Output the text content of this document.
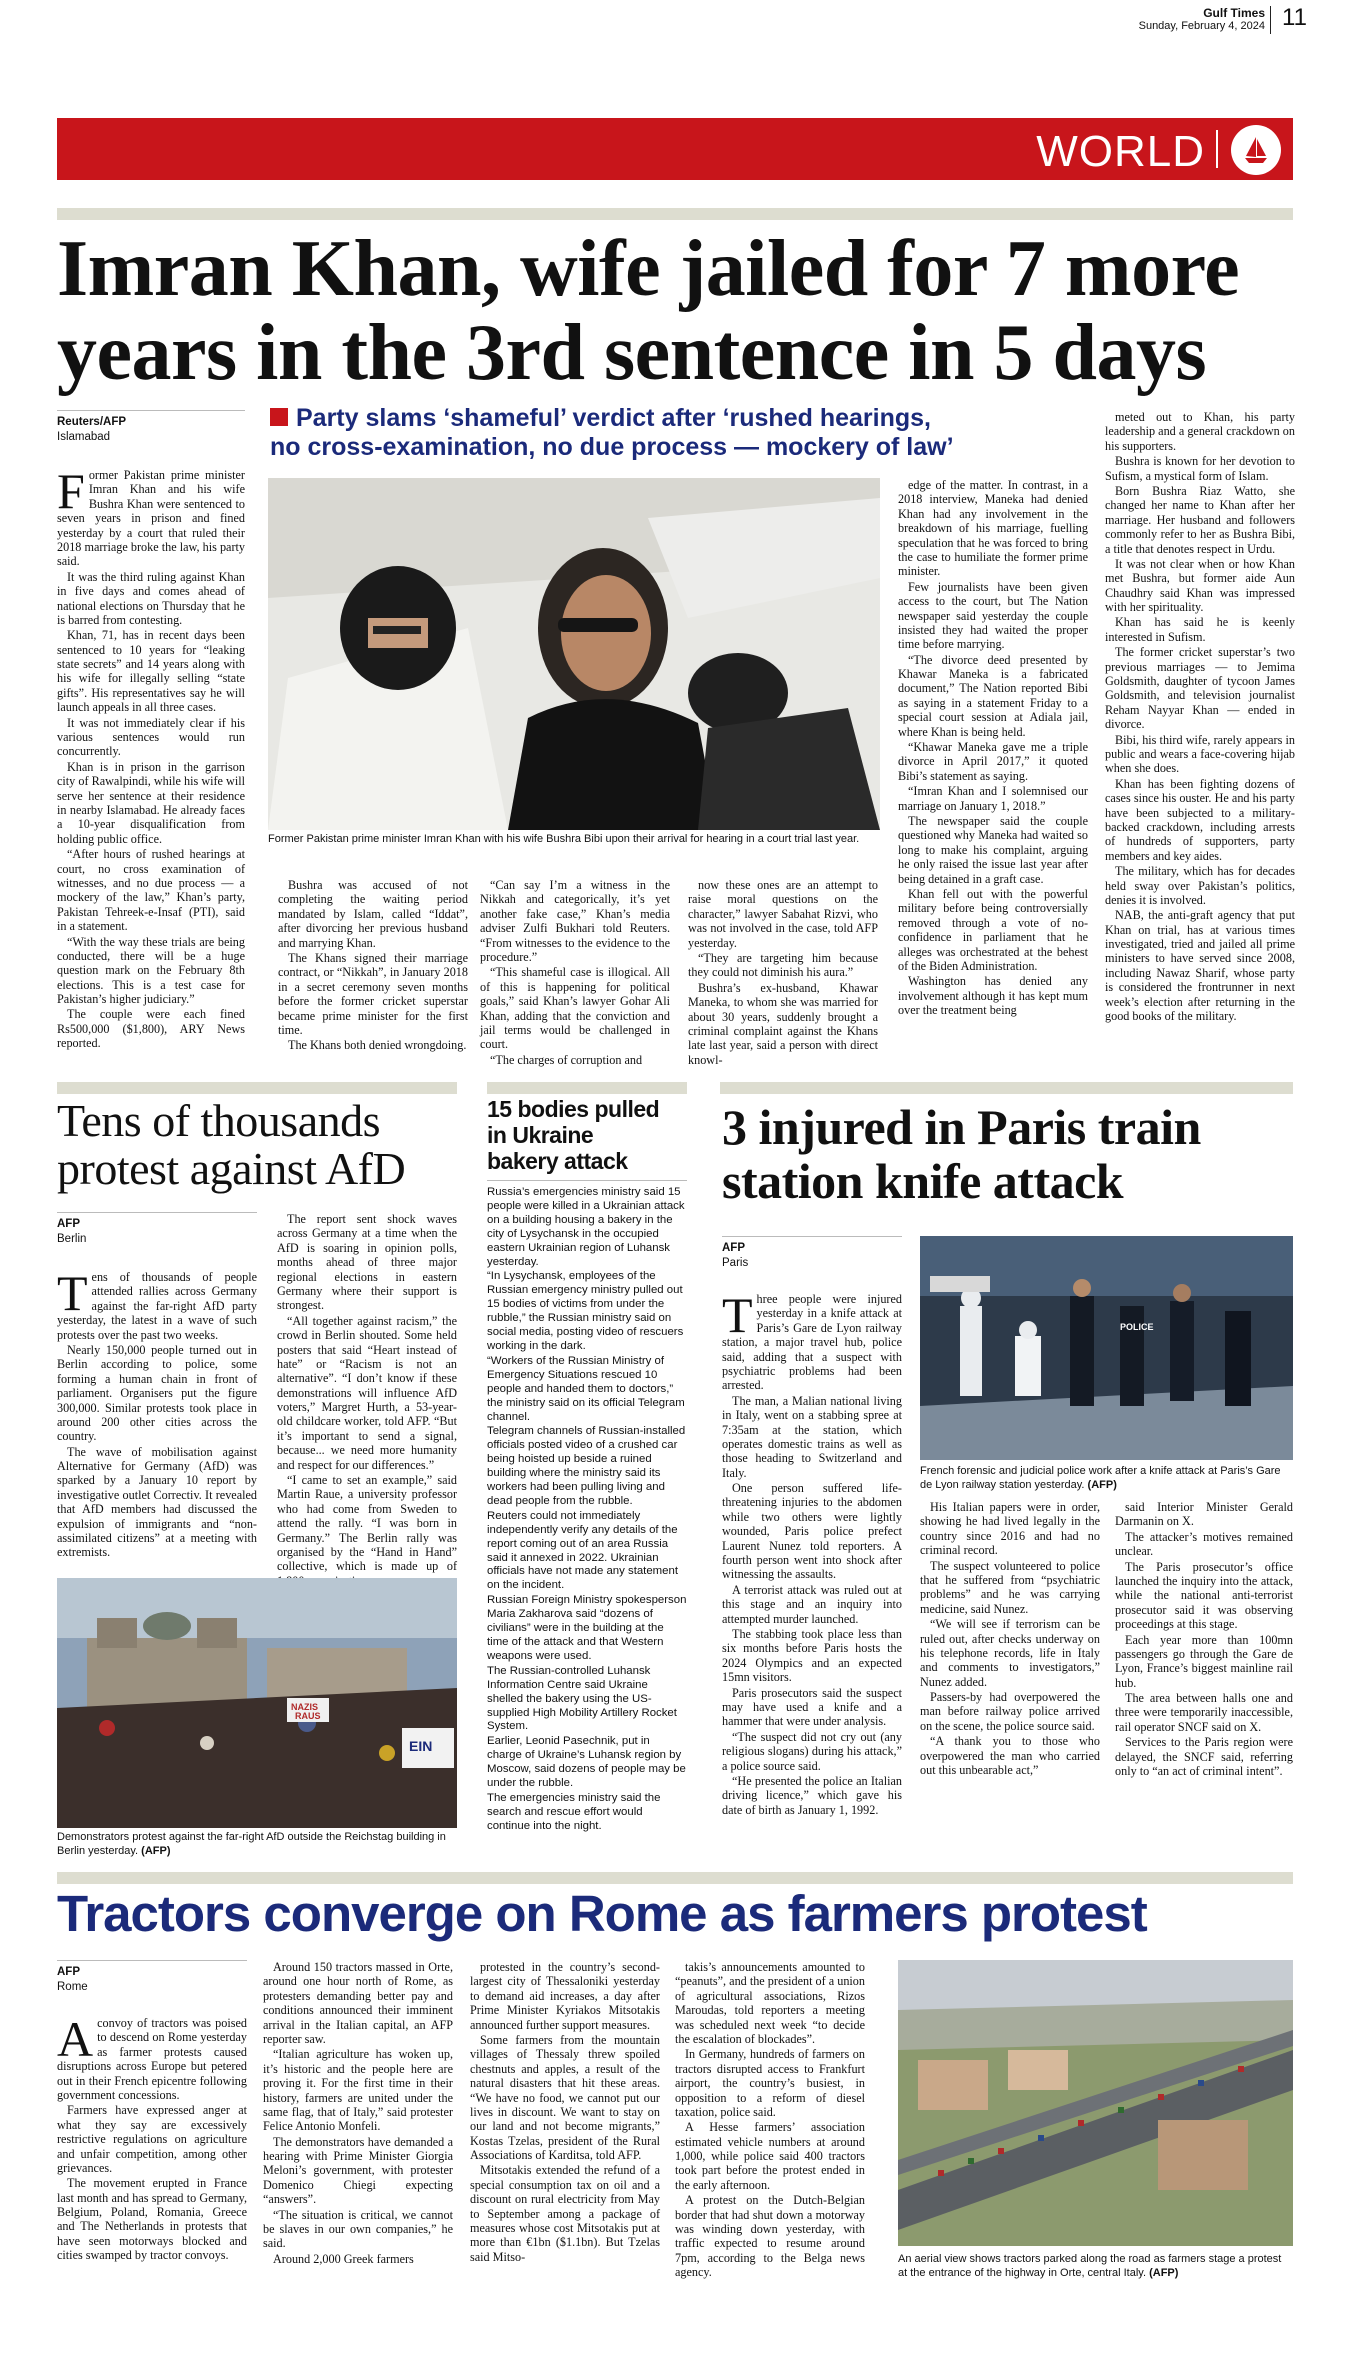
Gulf Times
Sunday, February 4, 2024 11
WORLD
Imran Khan, wife jailed for 7 more
years in the 3rd sentence in 5 days
Reuters/AFP
Islamabad
Party slams ‘shameful’ verdict after ‘rushed hearings,
no cross-examination, no due process — mockery of law’

Former Pakistan prime minister Imran Khan and his wife Bushra Khan were sentenced to seven years in prison and fined yesterday by a court that ruled their 2018 marriage broke the law, his party said.

It was the third ruling against Khan in five days and comes ahead of national elections on Thursday that he is barred from contesting.

Khan, 71, has in recent days been sentenced to 10 years for “leaking state secrets” and 14 years along with his wife for illegally selling “state gifts”. His representatives say he will launch appeals in all three cases.

It was not immediately clear if his various sentences would run concurrently.

Khan is in prison in the garrison city of Rawalpindi, while his wife will serve her sentence at their residence in nearby Islamabad. He already faces a 10-year disqualification from holding public office.

“After hours of rushed hearings at court, no cross examination of witnesses, and no due process — a mockery of the law,” Khan’s party, Pakistan Tehreek-e-Insaf (PTI), said in a statement.

“With the way these trials are being conducted, there will be a huge question mark on the February 8th elections. This is a test case for Pakistan’s higher judiciary.”

The couple were each fined Rs500,000 ($1,800), ARY News reported.

Former Pakistan prime minister Imran Khan with his wife Bushra Bibi upon their arrival for hearing in a court trial last year.

Bushra was accused of not completing the waiting period mandated by Islam, called “Iddat”, after divorcing her previous husband and marrying Khan.

The Khans signed their marriage contract, or “Nikkah”, in January 2018 in a secret ceremony seven months before the former cricket superstar became prime minister for the first time.

The Khans both denied wrongdoing.

“Can say I’m a witness in the Nikkah and categorically, it’s yet another fake case,” Khan’s media adviser Zulfi Bukhari told Reuters. “From witnesses to the evidence to the procedure.”

“This shameful case is illogical. All of this is happening for political goals,” said Khan’s lawyer Gohar Ali Khan, adding that the conviction and jail terms would be challenged in court.

“The charges of corruption and

now these ones are an attempt to raise moral questions on the character,” lawyer Sabahat Rizvi, who was not involved in the case, told AFP yesterday.

“They are targeting him because they could not diminish his aura.”

Bushra’s ex-husband, Khawar Maneka, to whom she was married for about 30 years, suddenly brought a criminal complaint against the Khans late last year, said a person with direct knowl-

edge of the matter. In contrast, in a 2018 interview, Maneka had denied Khan had any involvement in the breakdown of his marriage, fuelling speculation that he was forced to bring the case to humiliate the former prime minister.

Few journalists have been given access to the court, but The Nation newspaper said yesterday the couple insisted they had waited the proper time before marrying.

“The divorce deed presented by Khawar Maneka is a fabricated document,” The Nation reported Bibi as saying in a statement Friday to a special court session at Adiala jail, where Khan is being held.

“Khawar Maneka gave me a triple divorce in April 2017,” it quoted Bibi’s statement as saying.

“Imran Khan and I solemnised our marriage on January 1, 2018.”

The newspaper said the couple questioned why Maneka had waited so long to make his complaint, arguing he only raised the issue last year after being detained in a graft case.

Khan fell out with the powerful military before being controversially removed through a vote of no-confidence in parliament that he alleges was orchestrated at the behest of the Biden Administration.

Washington has denied any involvement although it has kept mum over the treatment being

meted out to Khan, his party leadership and a general crackdown on his supporters.

Bushra is known for her devotion to Sufism, a mystical form of Islam.

Born Bushra Riaz Watto, she changed her name to Khan after her marriage. Her husband and followers commonly refer to her as Bushra Bibi, a title that denotes respect in Urdu.

It was not clear when or how Khan met Bushra, but former aide Aun Chaudhry said Khan was impressed with her spirituality.

Khan has said he is keenly interested in Sufism.

The former cricket superstar’s two previous marriages — to Jemima Goldsmith, daughter of tycoon James Goldsmith, and television journalist Reham Nayyar Khan — ended in divorce.

Bibi, his third wife, rarely appears in public and wears a face-covering hijab when she does.

Khan has been fighting dozens of cases since his ouster. He and his party have been subjected to a military-backed crackdown, including arrests of hundreds of supporters, party members and key aides.

The military, which has for decades held sway over Pakistan’s politics, denies it is involved.

NAB, the anti-graft agency that put Khan on trial, has at various times investigated, tried and jailed all prime ministers to have served since 2008, including Nawaz Sharif, whose party is considered the frontrunner in next week’s election after returning in the good books of the military.

Tens of thousands
protest against AfD
AFP
Berlin

Tens of thousands of people attended rallies across Germany against the far-right AfD party yesterday, the latest in a wave of such protests over the past two weeks.

Nearly 150,000 people turned out in Berlin according to police, some forming a human chain in front of parliament. Organisers put the figure 300,000. Similar protests took place in around 200 other cities across the country.

The wave of mobilisation against Alternative for Germany (AfD) was sparked by a January 10 report by investigative outlet Correctiv. It revealed that AfD members had discussed the expulsion of immigrants and “non-assimilated citizens” at a meeting with extremists.

The report sent shock waves across Germany at a time when the AfD is soaring in opinion polls, months ahead of three major regional elections in eastern Germany where their support is strongest.

“All together against racism,” the crowd in Berlin shouted. Some held posters that said “Heart instead of hate” or “Racism is not an alternative”. “I don’t know if these demonstrations will influence AfD voters,” Margret Hurth, a 53-year-old childcare worker, told AFP. “But it’s important to send a signal, because... we need more humanity and respect for our differences.”

“I came to set an example,” said Martin Raue, a university professor who had come from Sweden to attend the rally. “I was born in Germany.” The Berlin rally was organised by the “Hand in Hand” collective, which is made up of

NAZIS
RAUS
EIN
Demonstrators protest against the far-right AfD outside the Reichstag building in Berlin yesterday. (AFP)
15 bodies pulled
in Ukraine
bakery attack

Russia’s emergencies ministry said 15 people were killed in a Ukrainian attack on a building housing a bakery in the city of Lysychansk in the occupied eastern Ukrainian region of Luhansk yesterday.

“In Lysychansk, employees of the Russian emergency ministry pulled out 15 bodies of victims from under the rubble,” the Russian ministry said on social media, posting video of rescuers working in the dark.

“Workers of the Russian Ministry of Emergency Situations rescued 10 people and handed them to doctors,” the ministry said on its official Telegram channel.

Telegram channels of Russian-installed officials posted video of a crushed car being hoisted up beside a ruined building where the ministry said its workers had been pulling living and dead people from the rubble.

Reuters could not immediately independently verify any details of the report coming out of an area Russia said it annexed in 2022. Ukrainian officials have not made any statement on the incident.

Russian Foreign Ministry spokesperson Maria Zakharova said “dozens of civilians” were in the building at the time of the attack and that Western weapons were used.

The Russian-controlled Luhansk Information Centre said Ukraine shelled the bakery using the US-supplied High Mobility Artillery Rocket System.

Earlier, Leonid Pasechnik, put in charge of Ukraine’s Luhansk region by Moscow, said dozens of people may be under the rubble.

The emergencies ministry said the search and rescue effort would continue into the night.

3 injured in Paris train
station knife attack
AFP
Paris

Three people were injured yesterday in a knife attack at Paris’s Gare de Lyon railway station, a major travel hub, police said, adding that a suspect with psychiatric problems had been arrested.

The man, a Malian national living in Italy, went on a stabbing spree at 7:35am at the station, which operates domestic trains as well as those heading to Switzerland and Italy.

One person suffered life-threatening injuries to the abdomen while two others were lightly wounded, Paris police prefect Laurent Nunez told reporters. A fourth person went into shock after witnessing the assaults.

A terrorist attack was ruled out at this stage and an inquiry into attempted murder launched.

The stabbing took place less than six months before Paris hosts the 2024 Olympics and an expected 15mn visitors.

Paris prosecutors said the suspect may have used a knife and a hammer that were under analysis.

“The suspect did not cry out (any religious slogans) during his attack,” a police source said.

“He presented the police an Italian driving licence,” which gave his date of birth as January 1, 1992.

POLICE
French forensic and judicial police work after a knife attack at Paris’s Gare de Lyon railway station yesterday. (AFP)

His Italian papers were in order, showing he had lived legally in the country since 2016 and had no criminal record.

The suspect volunteered to police that he suffered from “psychiatric problems” and he was carrying medicine, said Nunez.

“We will see if terrorism can be ruled out, after checks underway on his telephone records, life in Italy and comments to investigators,” Nunez added.

Passers-by had overpowered the man before railway police arrived on the scene, the police source said.

“A thank you to those who overpowered the man who carried out this unbearable act,”

said Interior Minister Gerald Darmanin on X.

The attacker’s motives remained unclear.

The Paris prosecutor’s office launched the inquiry into the attack, while the national anti-terrorist prosecutor said it was observing proceedings at this stage.

Each year more than 100mn passengers go through the Gare de Lyon, France’s biggest mainline rail hub.

The area between halls one and three were temporarily inaccessible, rail operator SNCF said on X.

Services to the Paris region were delayed, the SNCF said, referring only to “an act of criminal intent”.

Tractors converge on Rome as farmers protest
AFP
Rome

A convoy of tractors was poised to descend on Rome yesterday as farmer protests caused disruptions across Europe but petered out in their French epicentre following government concessions.

Farmers have expressed anger at what they say are excessively restrictive regulations on agriculture and unfair competition, among other grievances.

The movement erupted in France last month and has spread to Germany, Belgium, Poland, Romania, Greece and The Netherlands in protests that have seen motorways blocked and cities swamped by tractor convoys.

Around 150 tractors massed in Orte, around one hour north of Rome, as protesters demanding better pay and conditions announced their imminent arrival in the Italian capital, an AFP reporter saw.

“Italian agriculture has woken up, it’s historic and the people here are proving it. For the first time in their history, farmers are united under the same flag, that of Italy,” said protester Felice Antonio Monfeli.

The demonstrators have demanded a hearing with Prime Minister Giorgia Meloni’s government, with protester Domenico Chiegi expecting “answers”.

“The situation is critical, we cannot be slaves in our own companies,” he said.

Around 2,000 Greek farmers

protested in the country’s second-largest city of Thessaloniki yesterday to demand aid increases, a day after Prime Minister Kyriakos Mitsotakis announced further support measures.

Some farmers from the mountain villages of Thessaly threw spoiled chestnuts and apples, a result of the natural disasters that hit these areas. “We have no food, we cannot put our lives in discount. We want to stay on our land and not become migrants,” Kostas Tzelas, president of the Rural Associations of Karditsa, told AFP.

Mitsotakis extended the refund of a special consumption tax on oil and a discount on rural electricity from May to September among a package of measures whose cost Mitsotakis put at more than €1bn ($1.1bn). But Tzelas said Mitso-

takis’s announcements amounted to “peanuts”, and the president of a union of agricultural associations, Rizos Maroudas, told reporters a meeting was scheduled next week “to decide the escalation of blockades”.

In Germany, hundreds of farmers on tractors disrupted access to Frankfurt airport, the country’s busiest, in opposition to a reform of diesel taxation, police said.

A Hesse farmers’ association estimated vehicle numbers at around 1,000, while police said 400 tractors took part before the protest ended in the early afternoon.

A protest on the Dutch-Belgian border that had shut down a motorway was winding down yesterday, with traffic expected to resume around 7pm, according to the Belga news agency.

An aerial view shows tractors parked along the road as farmers stage a protest at the entrance of the highway in Orte, central Italy. (AFP)
